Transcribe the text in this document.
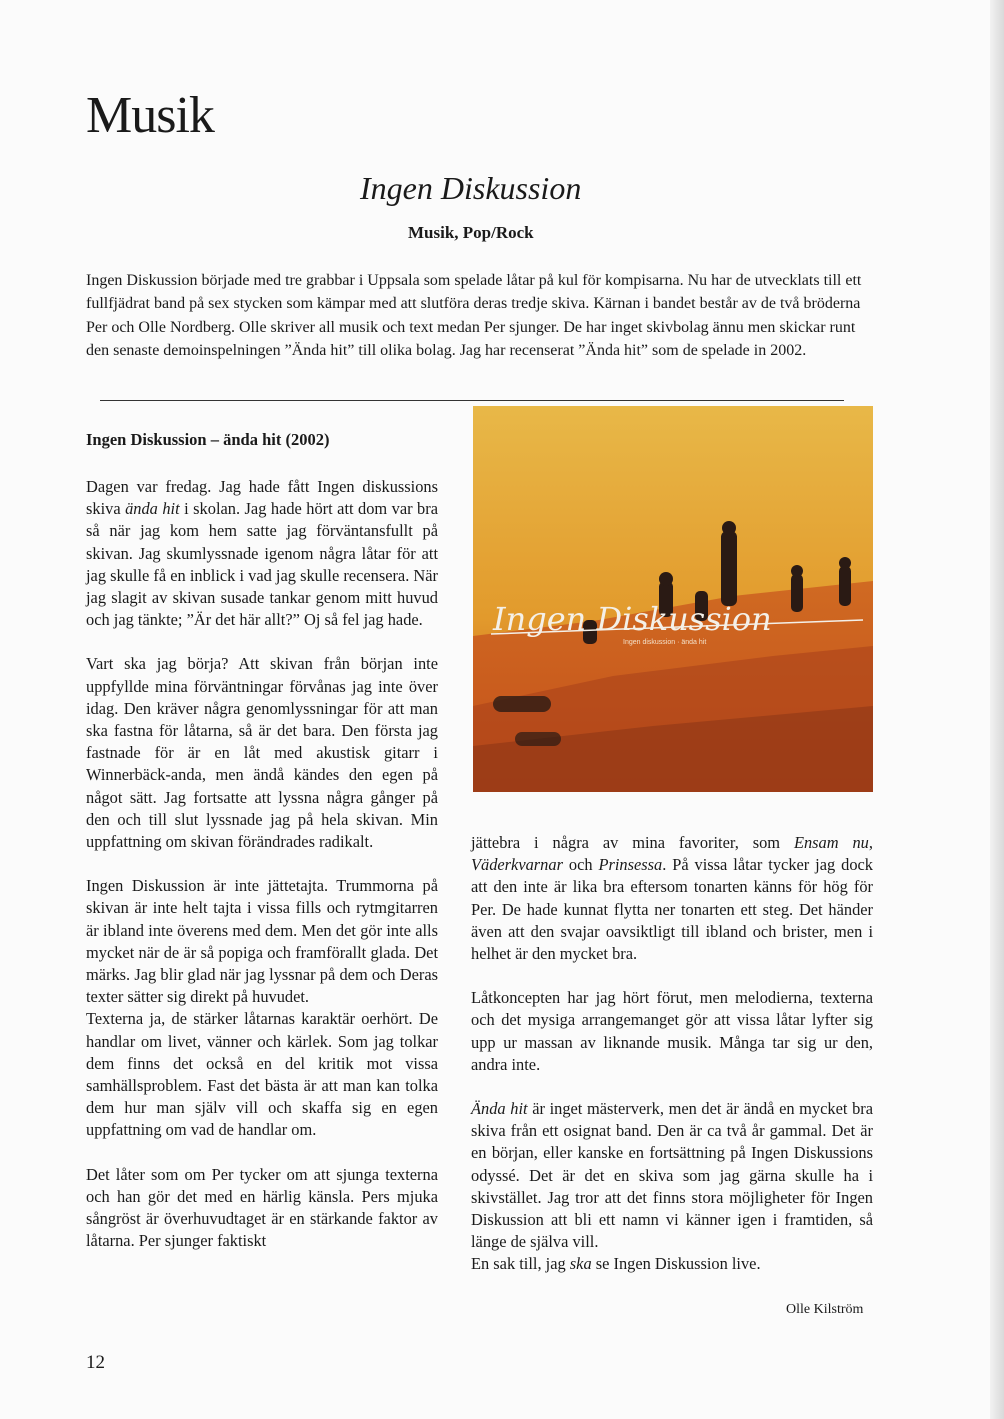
Musik
Ingen Diskussion
Musik, Pop/Rock

Ingen Diskussion började med tre grabbar i Uppsala som spelade låtar på kul för kompisarna. Nu har de utvecklats till ett fullfjädrat band på sex stycken som kämpar med att slutföra deras tredje skiva. Kärnan i bandet består av de två bröderna Per och Olle Nordberg. Olle skriver all musik och text medan Per sjunger. De har inget skivbolag ännu men skickar runt den senaste demoinspelningen ”Ända hit” till olika bolag. Jag har recenserat ”Ända hit” som de spelade in 2002.

Ingen Diskussion – ända hit (2002)

Dagen var fredag. Jag hade fått Ingen diskussions skiva ända hit i skolan. Jag hade hört att dom var bra så när jag kom hem satte jag förväntansfullt på skivan. Jag skumlyssnade igenom några låtar för att jag skulle få en inblick i vad jag skulle recensera. När jag slagit av skivan susade tankar genom mitt huvud och jag tänkte; ”Är det här allt?” Oj så fel jag hade.

Vart ska jag börja? Att skivan från början inte uppfyllde mina förväntningar förvånas jag inte över idag. Den kräver några genomlyssningar för att man ska fastna för låtarna, så är det bara. Den första jag fastnade för är en låt med akustisk gitarr i Winnerbäck-anda, men ändå kändes den egen på något sätt. Jag fortsatte att lyssna några gånger på den och till slut lyssnade jag på hela skivan. Min uppfattning om skivan förändrades radikalt.

Ingen Diskussion är inte jättetajta. Trummorna på skivan är inte helt tajta i vissa fills och rytmgitarren är ibland inte överens med dem. Men det gör inte alls mycket när de är så popiga och framförallt glada. Det märks. Jag blir glad när jag lyssnar på dem och Deras texter sätter sig direkt på huvudet.

Texterna ja, de stärker låtarnas karaktär oerhört. De handlar om livet, vänner och kärlek. Som jag tolkar dem finns det också en del kritik mot vissa samhällsproblem. Fast det bästa är att man kan tolka dem hur man själv vill och skaffa sig en egen uppfattning om vad de handlar om.

Det låter som om Per tycker om att sjunga texterna och han gör det med en härlig känsla. Pers mjuka sångröst är överhuvudtaget är en stärkande faktor av låtarna. Per sjunger faktiskt

Ingen Diskussion
Ingen diskussion · ända hit

jättebra i några av mina favoriter, som Ensam nu, Väderkvarnar och Prinsessa. På vissa låtar tycker jag dock att den inte är lika bra eftersom tonarten känns för hög för Per. De hade kunnat flytta ner tonarten ett steg. Det händer även att den svajar oavsiktligt till ibland och brister, men i helhet är den mycket bra.

Låtkoncepten har jag hört förut, men melodierna, texterna och det mysiga arrangemanget gör att vissa låtar lyfter sig upp ur massan av liknande musik. Många tar sig ur den, andra inte.

Ända hit är inget mästerverk, men det är ändå en mycket bra skiva från ett osignat band. Den är ca två år gammal. Det är en början, eller kanske en fortsättning på Ingen Diskussions odyssé. Det är det en skiva som jag gärna skulle ha i skivstället. Jag tror att det finns stora möjligheter för Ingen Diskussion att bli ett namn vi känner igen i framtiden, så länge de själva vill.

En sak till, jag ska se Ingen Diskussion live.

Olle Kilström
12
